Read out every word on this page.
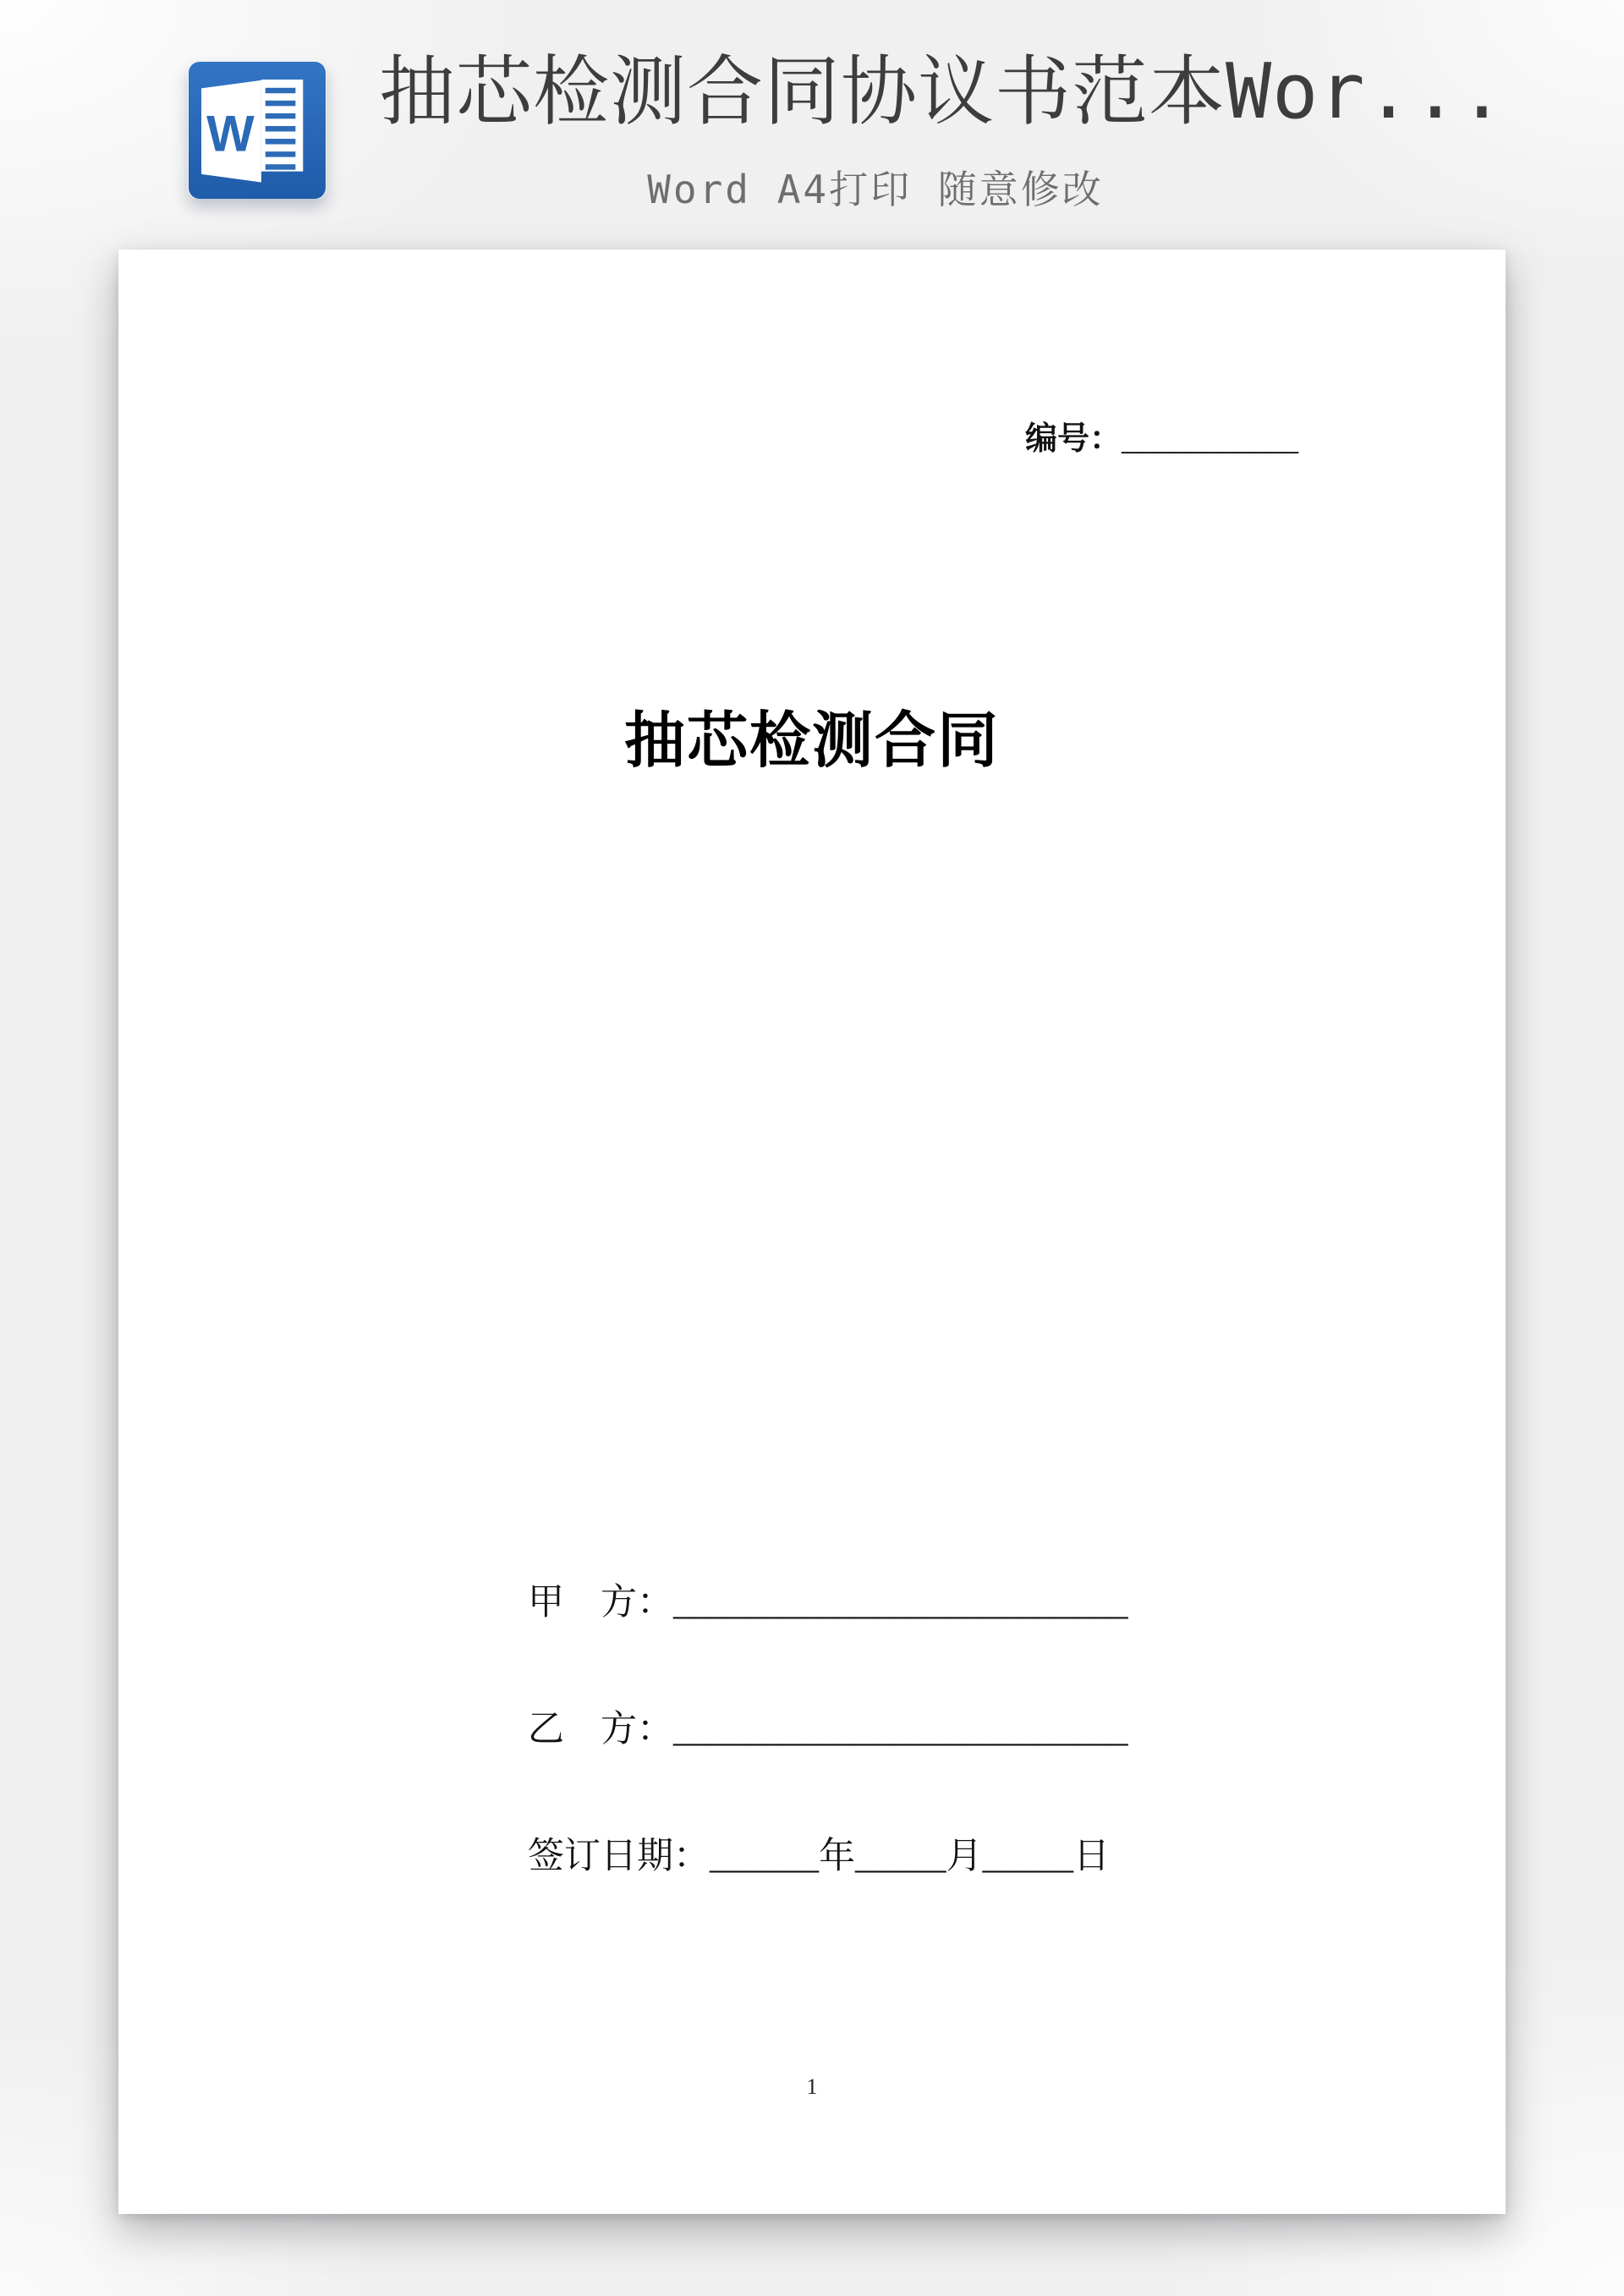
W 抽芯检测合同协议书范本Wor...
Word A4打印 随意修改
编号：___________
抽芯检测合同
甲　方：_________________________
乙　方：_________________________
签订日期：______年_____月_____日
1
